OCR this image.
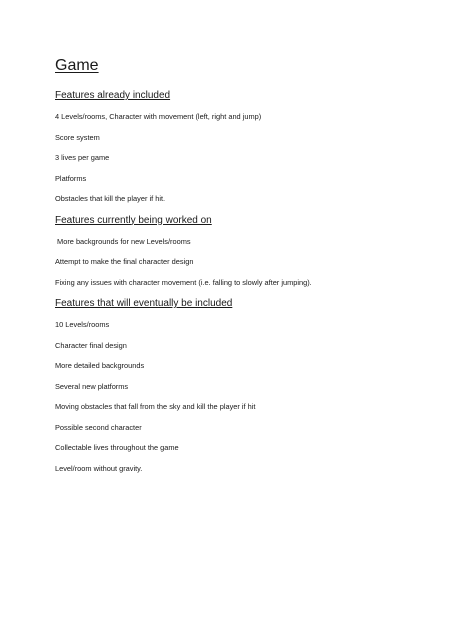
Game
Features already included
4 Levels/rooms, Character with movement (left, right and jump)
Score system
3 lives per game
Platforms
Obstacles that kill the player if hit.
Features currently being worked on
More backgrounds for new Levels/rooms
Attempt to make the final character design
Fixing any issues with character movement (i.e. falling to slowly after jumping).
Features that will eventually be included
10 Levels/rooms
Character final design
More detailed backgrounds
Several new platforms
Moving obstacles that fall from the sky and kill the player if hit
Possible second character
Collectable lives throughout the game
Level/room without gravity.
